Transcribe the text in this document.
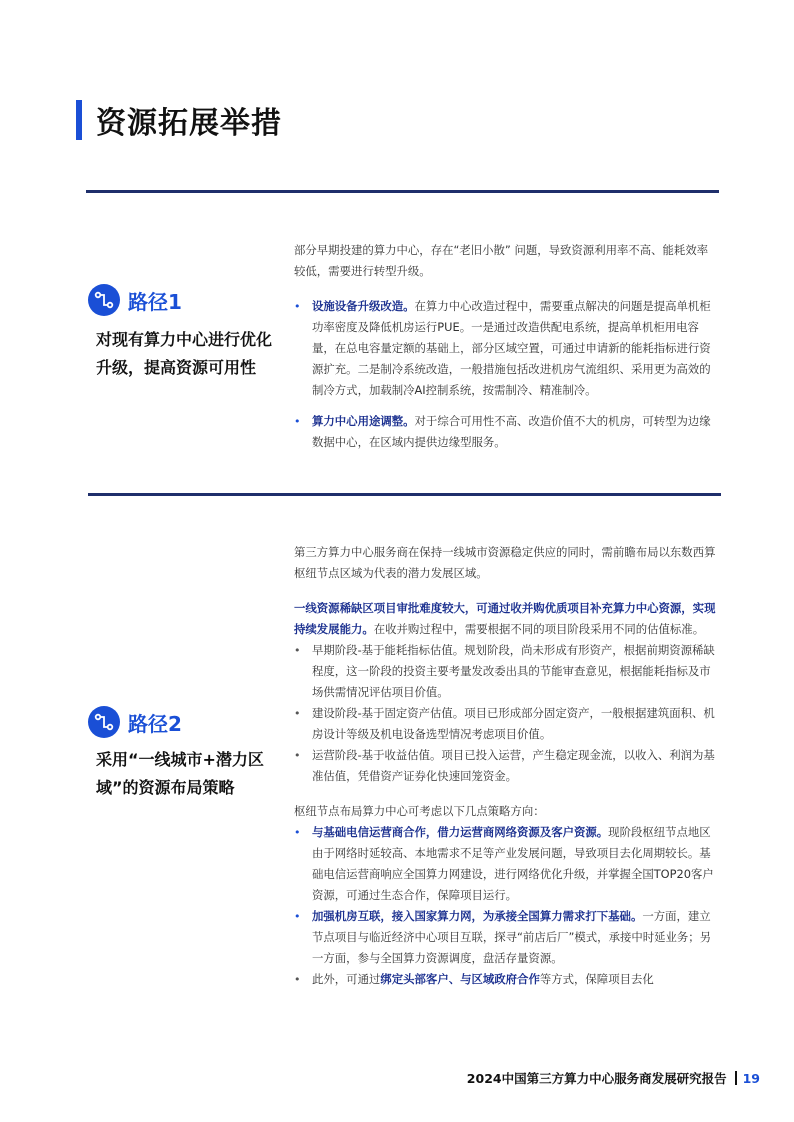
资源拓展举措
路径1
对现有算力中心进行优化升级，提高资源可用性

部分早期投建的算力中心，存在“老旧小散” 问题，导致资源利用率不高、能耗效率较低，需要进行转型升级。

•	设施设备升级改造。在算力中心改造过程中，需要重点解决的问题是提高单机柜功率密度及降低机房运行PUE。一是通过改造供配电系统，提高单机柜用电容量，在总电容量定额的基础上，部分区域空置，可通过申请新的能耗指标进行资源扩充。二是制冷系统改造，一般措施包括改进机房气流组织、采用更为高效的制冷方式，加载制冷AI控制系统，按需制冷、精准制冷。

•	算力中心用途调整。对于综合可用性不高、改造价值不大的机房，可转型为边缘数据中心，在区域内提供边缘型服务。

路径2
采用“一线城市+潜力区域”的资源布局策略

第三方算力中心服务商在保持一线城市资源稳定供应的同时，需前瞻布局以东数西算枢纽节点区域为代表的潜力发展区域。

一线资源稀缺区项目审批难度较大，可通过收并购优质项目补充算力中心资源，实现持续发展能力。在收并购过程中，需要根据不同的项目阶段采用不同的估值标准。

•	早期阶段-基于能耗指标估值。规划阶段，尚未形成有形资产，根据前期资源稀缺程度，这一阶段的投资主要考量发改委出具的节能审查意见，根据能耗指标及市场供需情况评估项目价值。

•	建设阶段-基于固定资产估值。项目已形成部分固定资产，一般根据建筑面积、机房设计等级及机电设备选型情况考虑项目价值。

•	运营阶段-基于收益估值。项目已投入运营，产生稳定现金流，以收入、利润为基准估值，凭借资产证券化快速回笼资金。

枢纽节点布局算力中心可考虑以下几点策略方向：

•	与基础电信运营商合作，借力运营商网络资源及客户资源。现阶段枢纽节点地区由于网络时延较高、本地需求不足等产业发展问题，导致项目去化周期较长。基础电信运营商响应全国算力网建设，进行网络优化升级，并掌握全国TOP20客户资源，可通过生态合作，保障项目运行。

•	加强机房互联，接入国家算力网，为承接全国算力需求打下基础。一方面，建立节点项目与临近经济中心项目互联，探寻“前店后厂”模式，承接中时延业务；另一方面，参与全国算力资源调度，盘活存量资源。

•	此外，可通过绑定头部客户、与区域政府合作等方式，保障项目去化

2024中国第三方算力中心服务商发展研究报告 19
